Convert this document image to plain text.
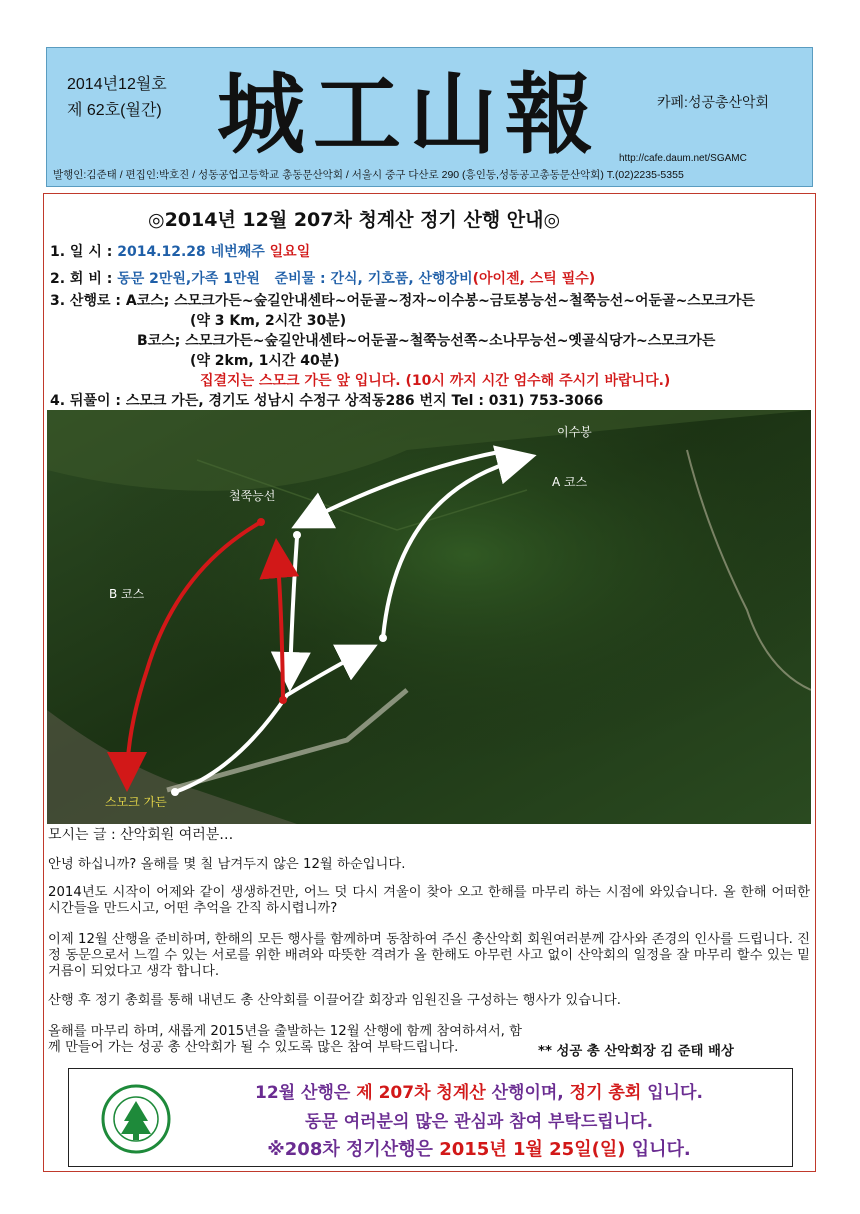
2014년12월호
제 62호(월간) 城工山報	카페:성공총산악회
http://cafe.daum.net/SGAMC
발행인:김준태 / 편집인:박호진 / 성동공업고등학교 총동문산악회 / 서울시 중구 다산로 290 (흥인동,성동공고총동문산악회) T.(02)2235-5355
◎2014년 12월 207차 청계산 정기 산행 안내◎
1. 일 시 : 2014.12.28 네번째주 일요일
2. 회 비 : 동문 2만원,가족 1만원 준비물 : 간식, 기호품, 산행장비(아이젠, 스틱 필수)
3. 산행로 : A코스; 스모크가든~숲길안내센타~어둔골~정자~이수봉~금토봉능선~철쭉능선~어둔골~스모크가든
(약 3 Km, 2시간 30분)
B코스; 스모크가든~숲길안내센타~어둔골~철쭉능선쪽~소나무능선~옛골식당가~스모크가든
(약 2km, 1시간 40분)
집결지는 스모크 가든 앞 입니다. (10시 까지 시간 엄수해 주시기 바랍니다.)
4. 뒤풀이 : 스모크 가든, 경기도 성남시 수정구 상적동286 번지 Tel : 031) 753-3066
이수봉
A 코스
철쭉능선
B 코스
스모크 가든
모시는 글 : 산악회원 여러분…
안녕 하십니까? 올해를 몇 칠 남겨두지 않은 12월 하순입니다.
2014년도 시작이 어제와 같이 생생하건만, 어느 덧 다시 겨울이 찾아 오고 한해를 마무리 하는 시점에 와있습니다. 올 한해 어떠한 시간들을 만드시고, 어떤 추억을 간직 하시렵니까?
이제 12월 산행을 준비하며, 한해의 모든 행사를 함께하며 동참하여 주신 총산악회 회원여러분께 감사와 존경의 인사를 드립니다. 진정 동문으로서 느낄 수 있는 서로를 위한 배려와 따뜻한 격려가 올 한해도 아무런 사고 없이 산악회의 일정을 잘 마무리 할수 있는 밑거름이 되었다고 생각 합니다.
산행 후 정기 총회를 통해 내년도 총 산악회를 이끌어갈 회장과 임원진을 구성하는 행사가 있습니다.
올해를 마무리 하며, 새롭게 2015년을 출발하는 12월 산행에 함께 참여하셔서, 함께 만들어 가는 성공 총 산악회가 될 수 있도록 많은 참여 부탁드립니다.	** 성공 총 산악회장 김 준태 배상
12월 산행은 제 207차 청계산 산행이며, 정기 총회 입니다.
동문 여러분의 많은 관심과 참여 부탁드립니다.
※208차 정기산행은 2015년 1월 25일(일) 입니다.
